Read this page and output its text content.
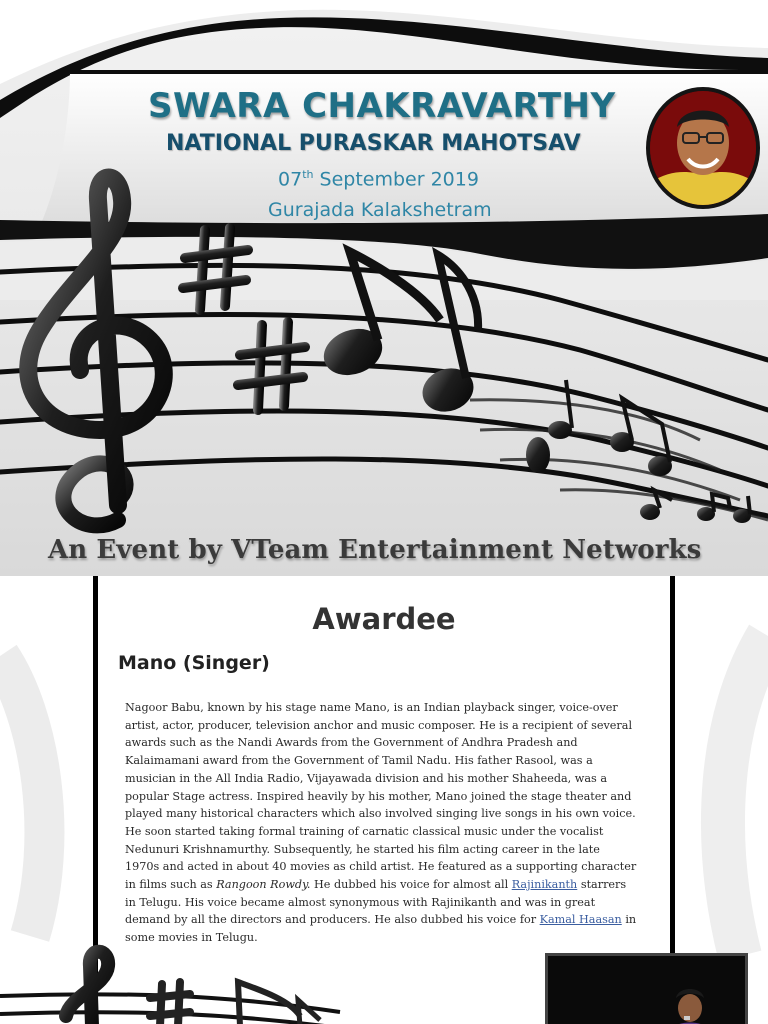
SWARA CHAKRAVARTHY
NATIONAL PURASKAR MAHOTSAV
07th September 2019
Gurajada Kalakshetram
An Event by VTeam Entertainment Networks
Awardee
Mano (Singer)

Nagoor Babu, known by his stage name Mano, is an Indian playback singer, voice-over artist, actor, producer, television anchor and music composer. He is a recipient of several awards such as the Nandi Awards from the Government of Andhra Pradesh and Kalaimamani award from the Government of Tamil Nadu. His father Rasool, was a musician in the All India Radio, Vijayawada division and his mother Shaheeda, was a popular Stage actress. Inspired heavily by his mother, Mano joined the stage theater and played many historical characters which also involved singing live songs in his own voice. He soon started taking formal training of carnatic classical music under the vocalist Nedunuri Krishnamurthy. Subsequently, he started his film acting career in the late 1970s and acted in about 40 movies as child artist. He featured as a supporting character in films such as Rangoon Rowdy. He dubbed his voice for almost all Rajinikanth starrers in Telugu. His voice became almost synonymous with Rajinikanth and was in great demand by all the directors and producers. He also dubbed his voice for Kamal Haasan in some movies in Telugu.
